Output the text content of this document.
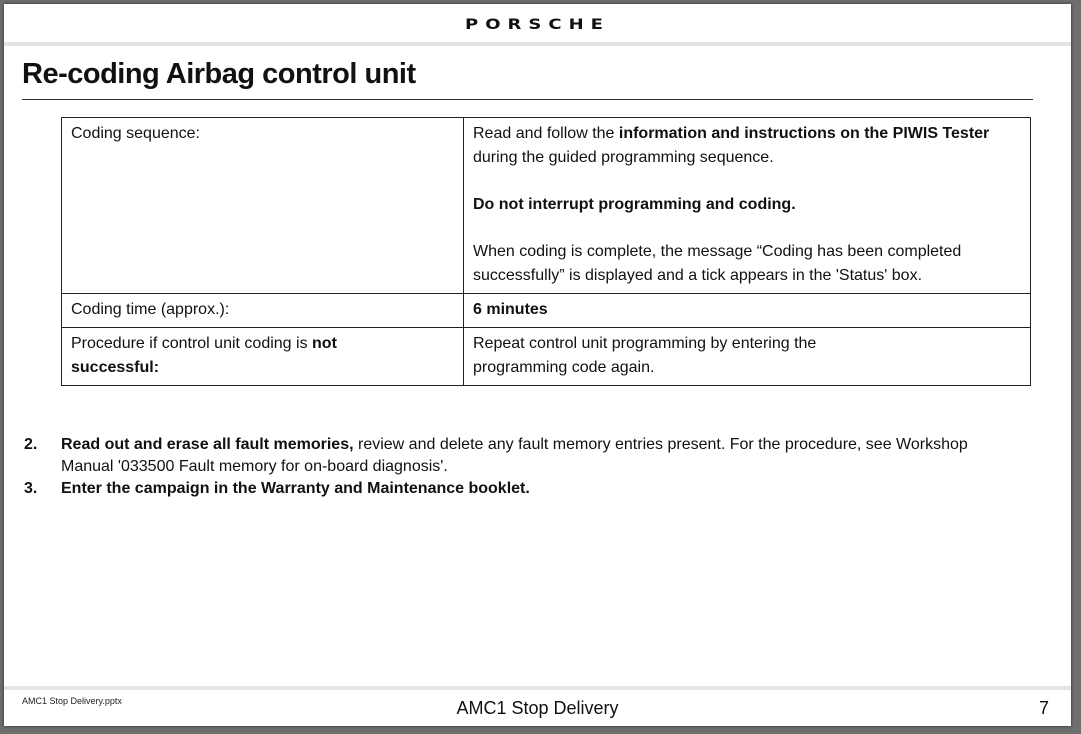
PORSCHE
Re-coding Airbag control unit
Coding sequence:	Read and follow the information and instructions on the PIWIS Tester
during the guided programming sequence.

Do not interrupt programming and coding.

When coding is complete, the message “Coding has been completed successfully” is displayed and a tick appears in the 'Status' box.

Coding time (approx.):	6 minutes
Procedure if control unit coding is not
successful:	Repeat control unit programming by entering the programming code again.
2.	Read out and erase all fault memories, review and delete any fault memory entries present. For the procedure, see Workshop Manual '033500 Fault memory for on-board diagnosis'.
3.	Enter the campaign in the Warranty and Maintenance booklet.
AMC1 Stop Delivery.pptx	AMC1 Stop Delivery	7
